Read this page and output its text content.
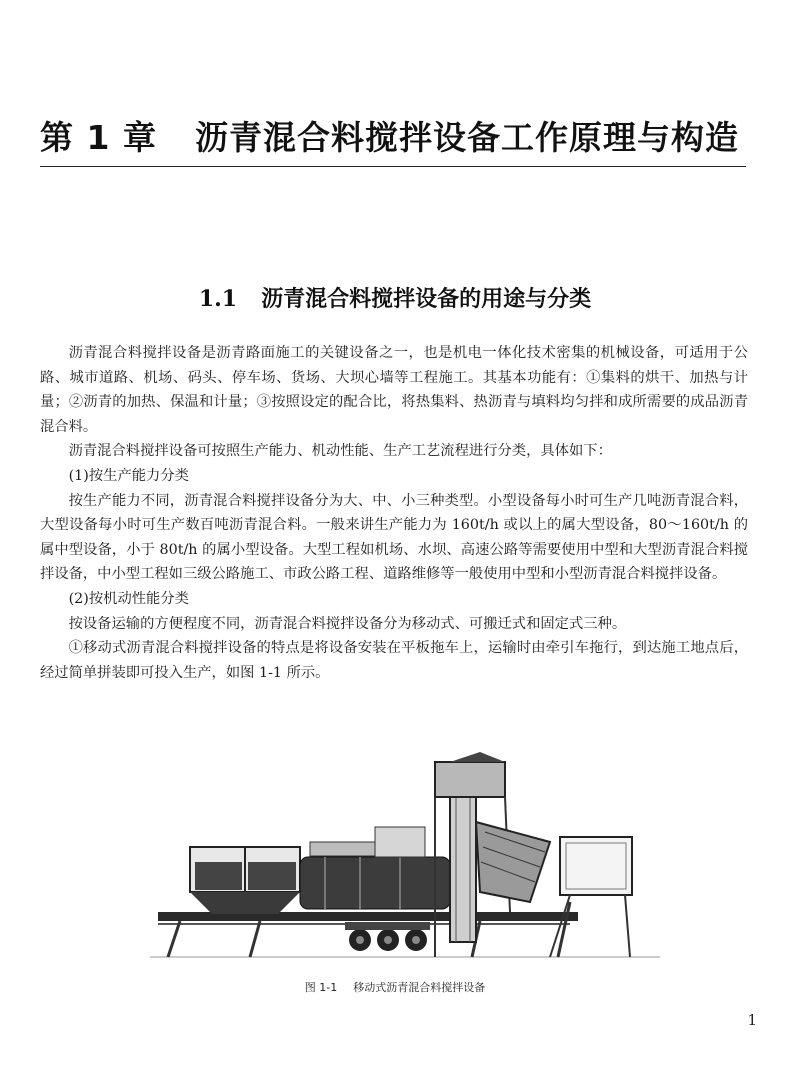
第 1 章 沥青混合料搅拌设备工作原理与构造
1.1 沥青混合料搅拌设备的用途与分类

沥青混合料搅拌设备是沥青路面施工的关键设备之一，也是机电一体化技术密集的机械设备，可适用于公路、城市道路、机场、码头、停车场、货场、大坝心墙等工程施工。其基本功能有：①集料的烘干、加热与计量；②沥青的加热、保温和计量；③按照设定的配合比，将热集料、热沥青与填料均匀拌和成所需要的成品沥青混合料。

沥青混合料搅拌设备可按照生产能力、机动性能、生产工艺流程进行分类，具体如下：

(1)按生产能力分类

按生产能力不同，沥青混合料搅拌设备分为大、中、小三种类型。小型设备每小时可生产几吨沥青混合料，大型设备每小时可生产数百吨沥青混合料。一般来讲生产能力为 160t/h 或以上的属大型设备，80～160t/h 的属中型设备，小于 80t/h 的属小型设备。大型工程如机场、水坝、高速公路等需要使用中型和大型沥青混合料搅拌设备，中小型工程如三级公路施工、市政公路工程、道路维修等一般使用中型和小型沥青混合料搅拌设备。

(2)按机动性能分类

按设备运输的方便程度不同，沥青混合料搅拌设备分为移动式、可搬迁式和固定式三种。

①移动式沥青混合料搅拌设备的特点是将设备安装在平板拖车上，运输时由牵引车拖行，到达施工地点后，经过简单拼装即可投入生产，如图 1-1 所示。

图 1-1 移动式沥青混合料搅拌设备
1
